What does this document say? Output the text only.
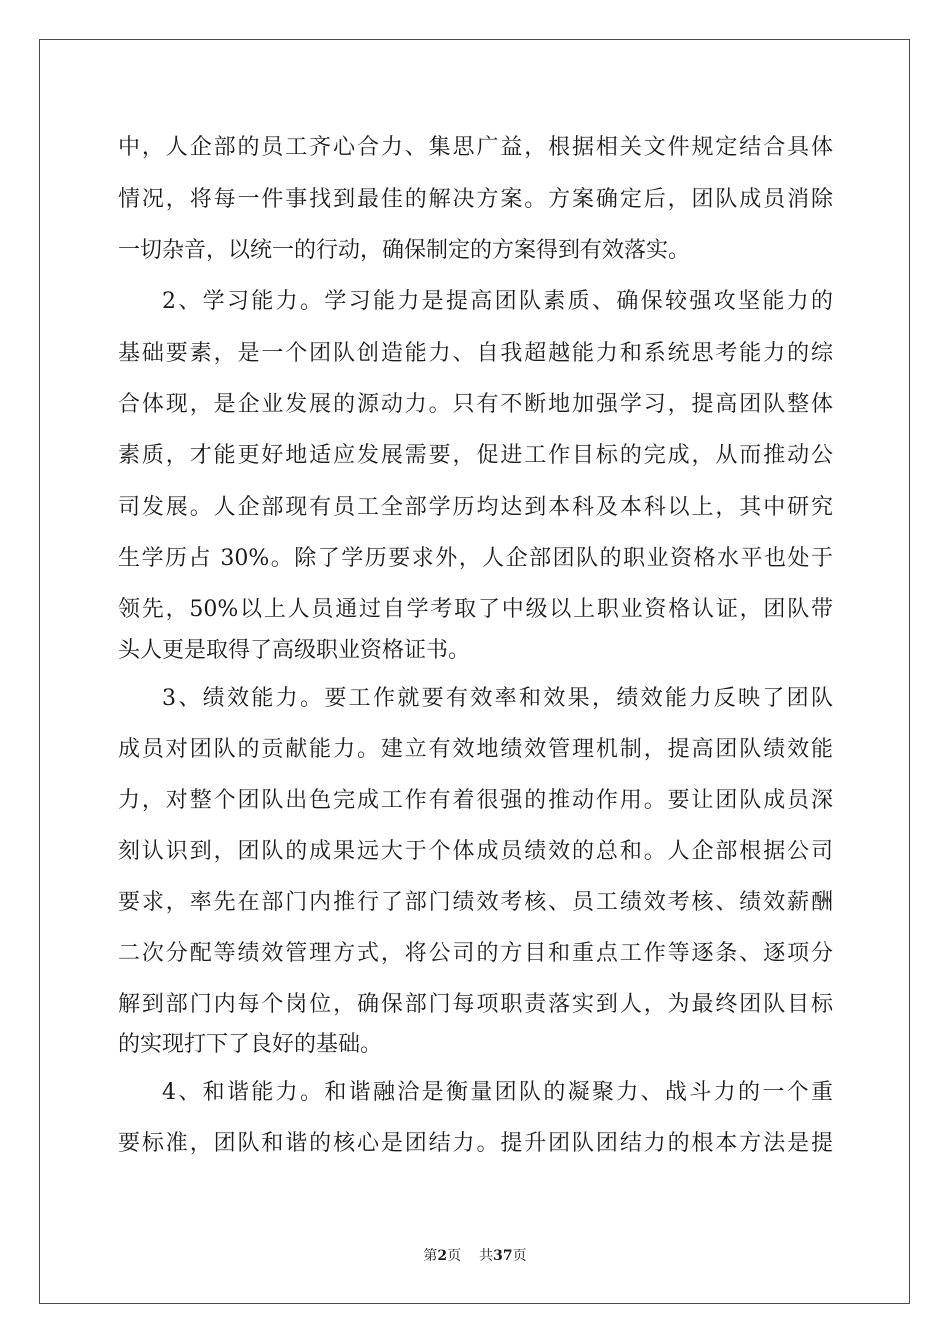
中，人企部的员工齐心合力、集思广益，根据相关文件规定结合具体
情况，将每一件事找到最佳的解决方案。方案确定后，团队成员消除
一切杂音，以统一的行动，确保制定的方案得到有效落实。
2、学习能力。学习能力是提高团队素质、确保较强攻坚能力的
基础要素，是一个团队创造能力、自我超越能力和系统思考能力的综
合体现，是企业发展的源动力。只有不断地加强学习，提高团队整体
素质，才能更好地适应发展需要，促进工作目标的完成，从而推动公
司发展。人企部现有员工全部学历均达到本科及本科以上，其中研究
生学历占 30%。除了学历要求外，人企部团队的职业资格水平也处于
领先，50%以上人员通过自学考取了中级以上职业资格认证，团队带
头人更是取得了高级职业资格证书。
3、绩效能力。要工作就要有效率和效果，绩效能力反映了团队
成员对团队的贡献能力。建立有效地绩效管理机制，提高团队绩效能
力，对整个团队出色完成工作有着很强的推动作用。要让团队成员深
刻认识到，团队的成果远大于个体成员绩效的总和。人企部根据公司
要求，率先在部门内推行了部门绩效考核、员工绩效考核、绩效薪酬
二次分配等绩效管理方式，将公司的方目和重点工作等逐条、逐项分
解到部门内每个岗位，确保部门每项职责落实到人，为最终团队目标
的实现打下了良好的基础。
4、和谐能力。和谐融洽是衡量团队的凝聚力、战斗力的一个重
要标准，团队和谐的核心是团结力。提升团队团结力的根本方法是提
第2页 共37页
